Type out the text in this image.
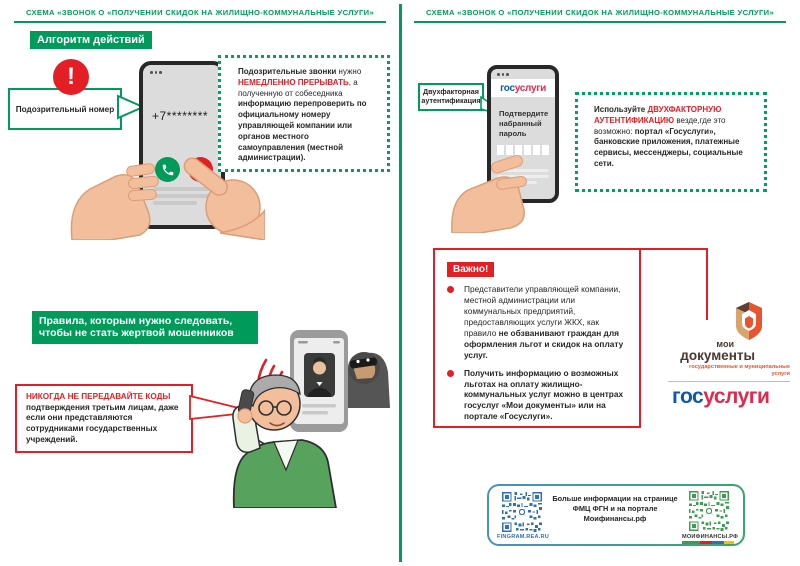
СХЕМА «ЗВОНОК О «ПОЛУЧЕНИИ СКИДОК НА ЖИЛИЩНО-КОММУНАЛЬНЫЕ УСЛУГИ»
Алгоритм действий
!
Подозрительный номер	+7********
Подозрительные звонки нужно НЕМЕДЛЕННО ПРЕРЫВАТЬ, а полученную от собеседника информацию перепроверить по официальному номеру управляющей компании или органов местного самоуправления (местной администрации).
Правила, которым нужно следовать, чтобы не стать жертвой мошенников
НИКОГДА НЕ ПЕРЕДАВАЙТЕ КОДЫ подтверждения третьим лицам, даже если они представляются сотрудниками государственных учреждений.
СХЕМА «ЗВОНОК О «ПОЛУЧЕНИИ СКИДОК НА ЖИЛИЩНО-КОММУНАЛЬНЫЕ УСЛУГИ»
Двухфакторная аутентификация
гос услуги
Подтвердите набранный пароль
Используйте ДВУХФАКТОРНУЮ АУТЕНТИФИКАЦИЮ везде,где это возможно: портал «Госуслуги», банковские приложения, платежные сервисы, мессенджеры, социальные сети.
Важно!
Представители управляющей компании, местной администрации или коммунальных предприятий, предоставляющих услуги ЖКХ, как правило не обзванивают граждан для оформления льгот и скидок на оплату услуг.
Получить информацию о возможных льготах на оплату жилищно-коммунальных услуг можно в центрах госуслуг «Мои документы» или на портале «Госуслуги».
мои
документы
государственные и муниципальные услуги
госуслуги
FINGRAM.REA.RU
Больше информации на странице ФМЦ ФГН и на портале Моифинансы.рф
МОИФИНАНСЫ.РФ
